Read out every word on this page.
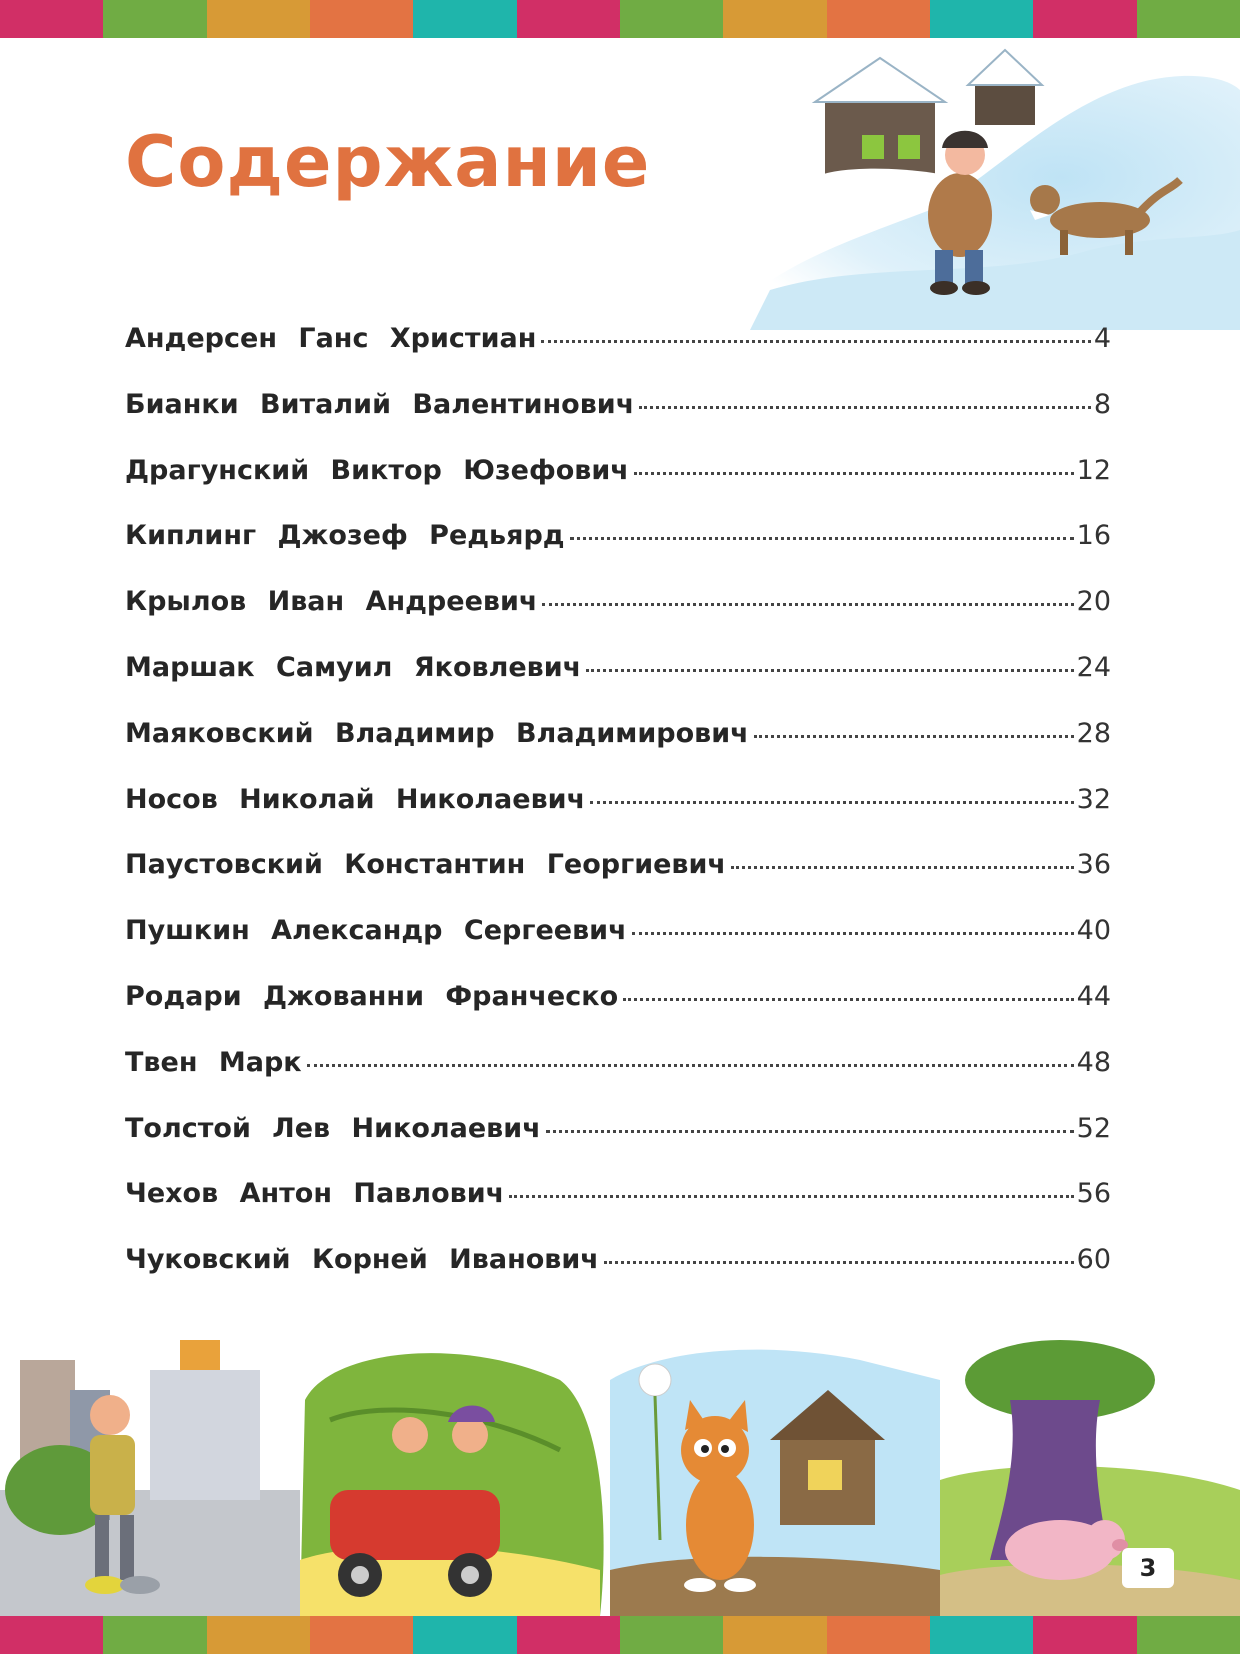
Содержание
Андерсен Ганс Христиан	4
Бианки Виталий Валентинович	8
Драгунский Виктор Юзефович	12
Киплинг Джозеф Редьярд	16
Крылов Иван Андреевич	20
Маршак Самуил Яковлевич	24
Маяковский Владимир Владимирович	28
Носов Николай Николаевич	32
Паустовский Константин Георгиевич	36
Пушкин Александр Сергеевич	40
Родари Джованни Франческо	44
Твен Марк	48
Толстой Лев Николаевич	52
Чехов Антон Павлович	56
Чуковский Корней Иванович	60
3
